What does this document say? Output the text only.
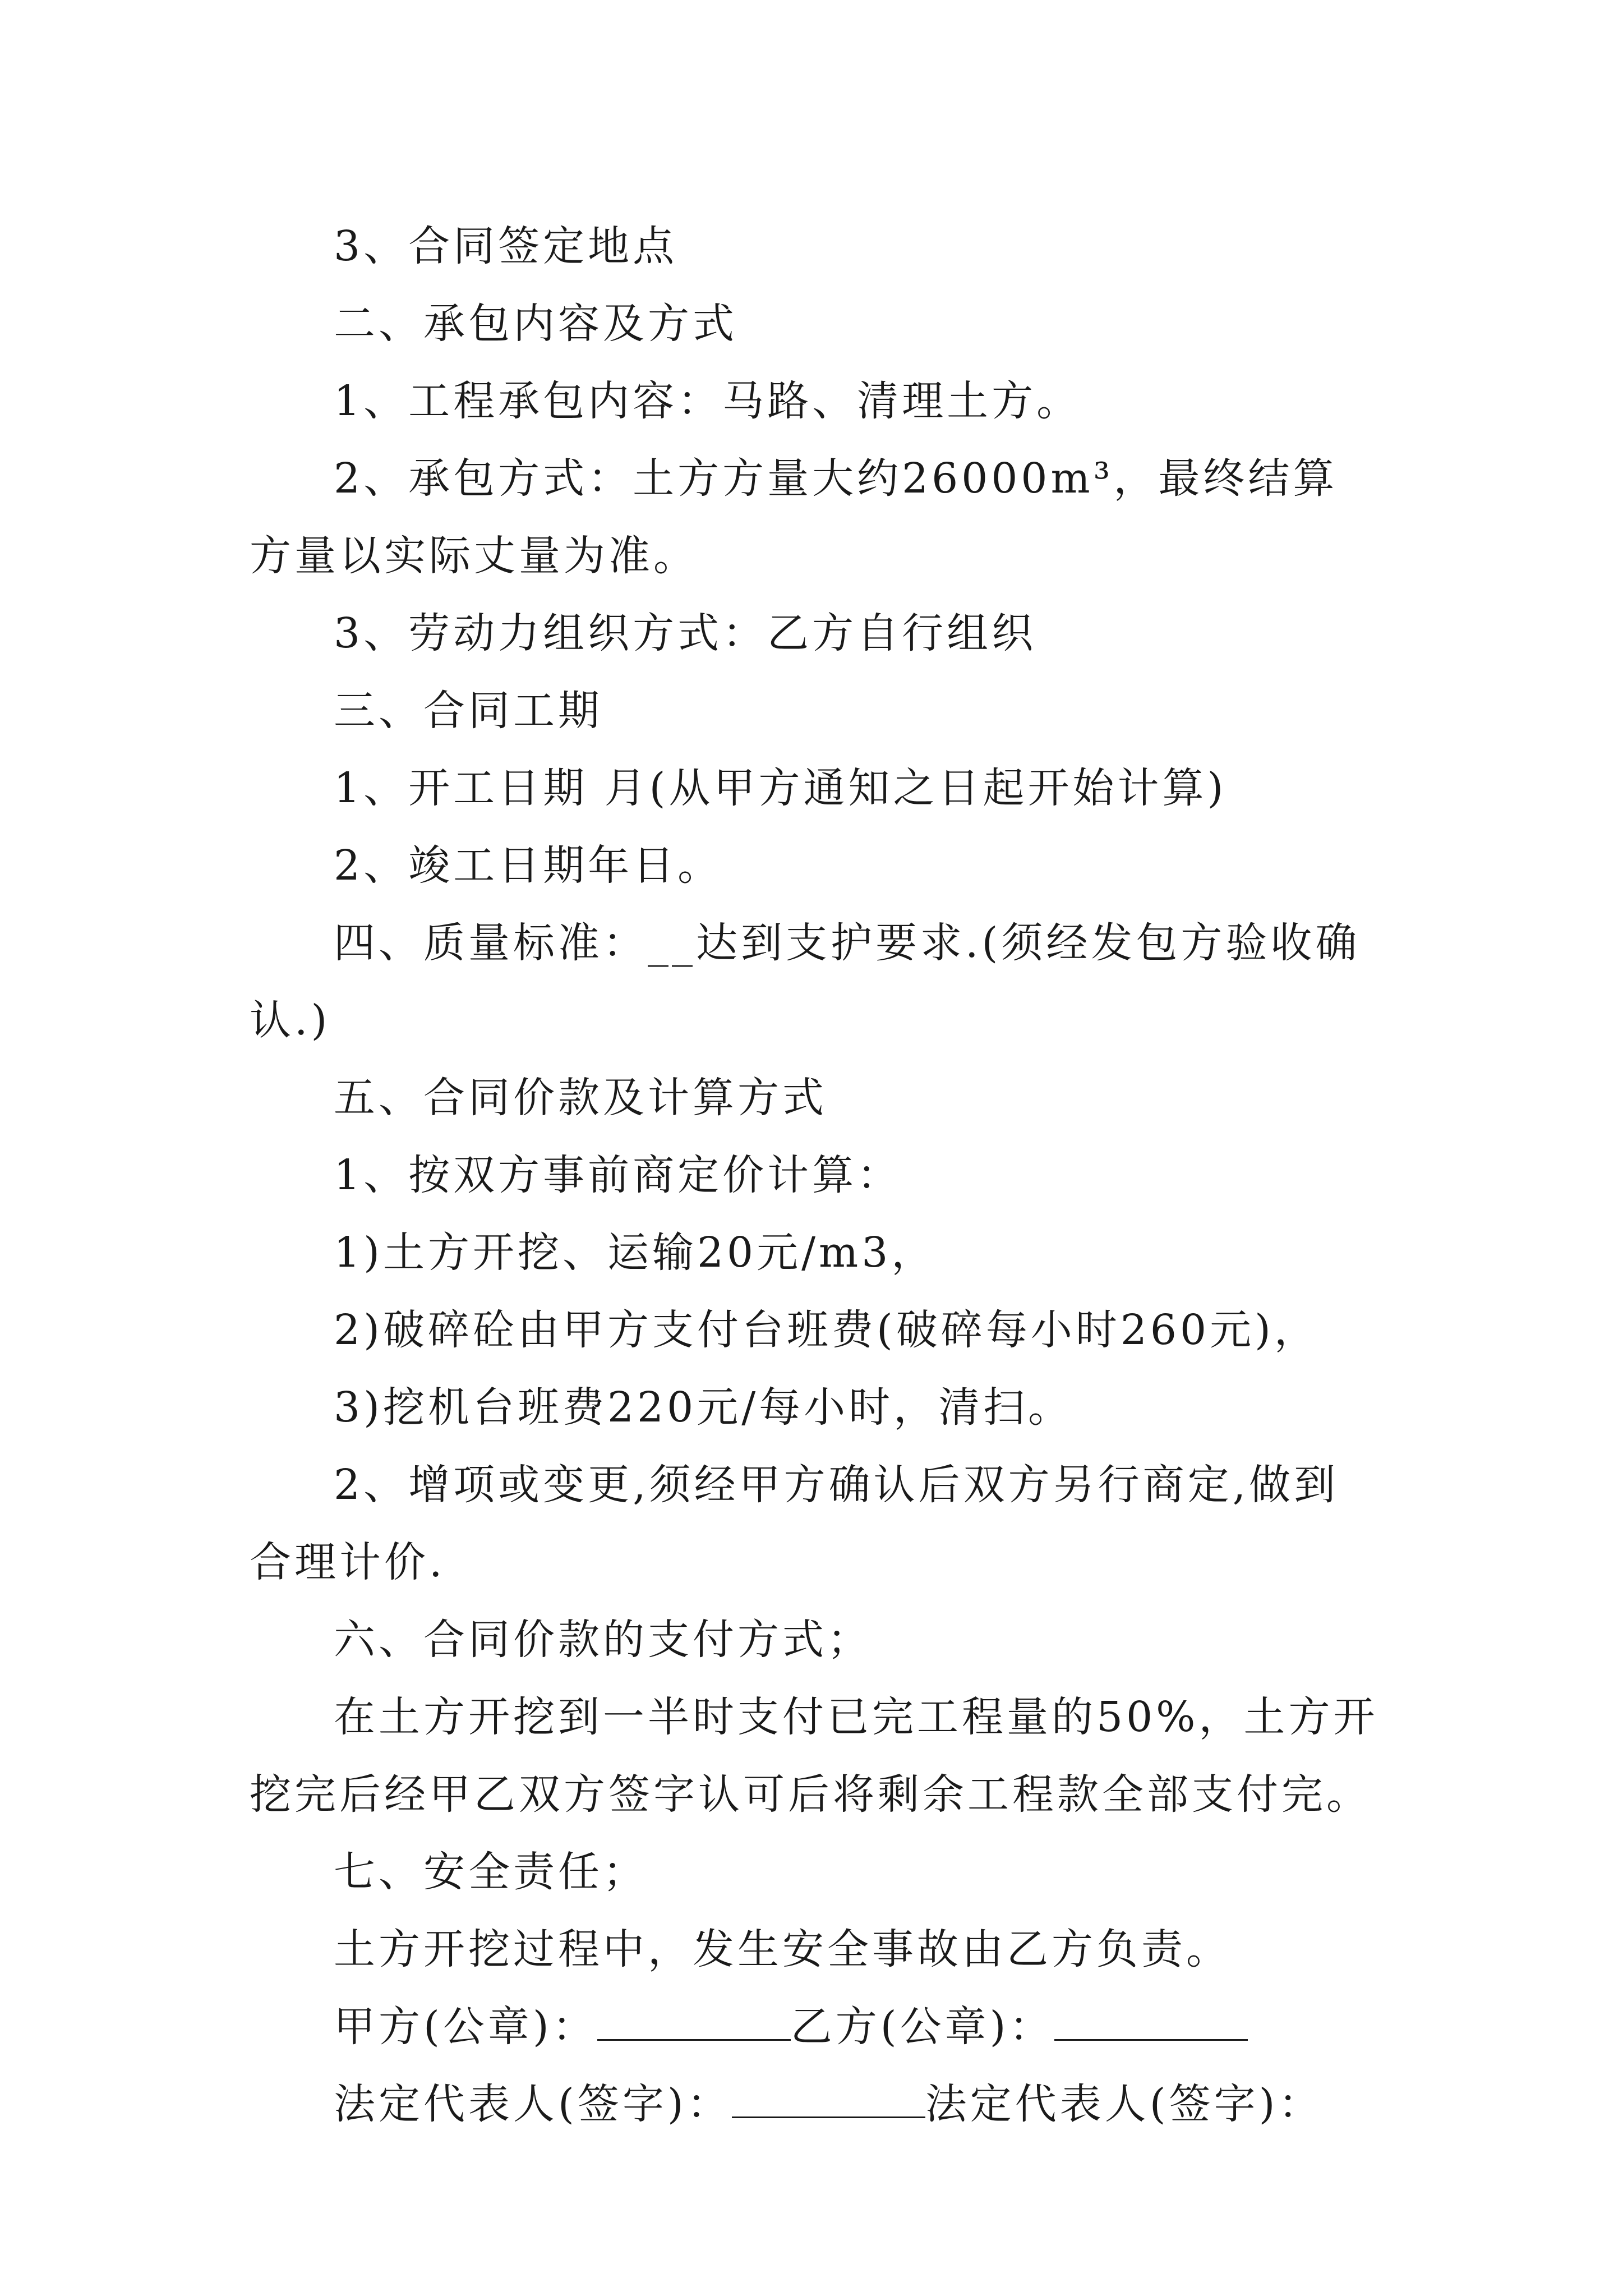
3、合同签定地点

二、承包内容及方式

1、工程承包内容：马路、清理土方。

2、承包方式：土方方量大约26000m³，最终结算方量以实际丈量为准。

3、劳动力组织方式：乙方自行组织

三、合同工期

1、开工日期 月(从甲方通知之日起开始计算)

2、竣工日期年日。

四、质量标准：__达到支护要求.(须经发包方验收确认.)

五、合同价款及计算方式

1、按双方事前商定价计算：

1)土方开挖、运输20元/m3，

2)破碎砼由甲方支付台班费(破碎每小时260元)，

3)挖机台班费220元/每小时，清扫。

2、增项或变更,须经甲方确认后双方另行商定,做到合理计价.

六、合同价款的支付方式；

在土方开挖到一半时支付已完工程量的50%，土方开挖完后经甲乙双方签字认可后将剩余工程款全部支付完。

七、安全责任；

土方开挖过程中，发生安全事故由乙方负责。

甲方(公章)：	乙方(公章)：
法定代表人(签字)：	法定代表人(签字)：
